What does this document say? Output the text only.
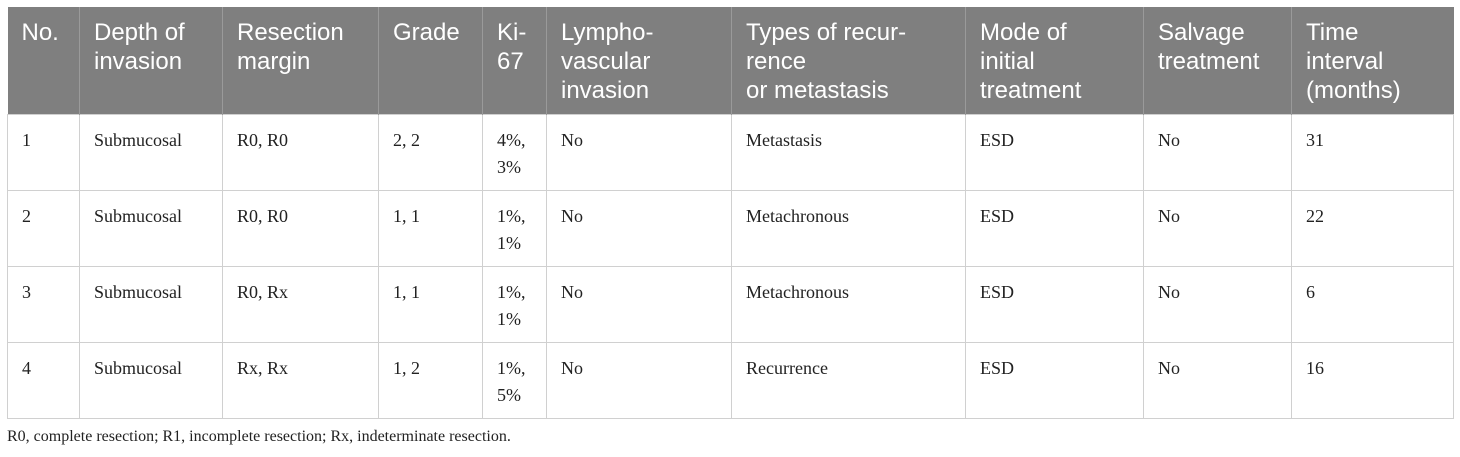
No.	Depth of
invasion	Resection
margin	Grade	Ki-
67	Lympho-
vascular
invasion	Types of recur-
rence
or metastasis	Mode of
initial
treatment	Salvage
treatment	Time
interval
(months)
1	Submucosal	R0, R0	2, 2	4%,
3%	No	Metastasis	ESD	No	31
2	Submucosal	R0, R0	1, 1	1%,
1%	No	Metachronous	ESD	No	22
3	Submucosal	R0, Rx	1, 1	1%,
1%	No	Metachronous	ESD	No	6
4	Submucosal	Rx, Rx	1, 2	1%,
5%	No	Recurrence	ESD	No	16
R0, complete resection; R1, incomplete resection; Rx, indeterminate resection.
